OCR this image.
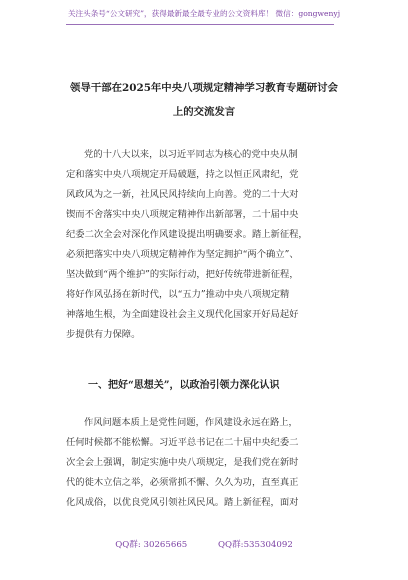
关注头条号“公文研究”，获得最新最全最专业的公文资料库！ 微信：gongwenyj
领导干部在2025年中央八项规定精神学习教育专题研讨会
上的交流发言
党的十八大以来，以习近平同志为核心的党中央从制
定和落实中央八项规定开局破题，持之以恒正风肃纪，党
风政风为之一新，社风民风持续向上向善。党的二十大对
锲而不舍落实中央八项规定精神作出新部署，二十届中央
纪委二次全会对深化作风建设提出明确要求。踏上新征程，
必须把落实中央八项规定精神作为坚定拥护“两个确立”、
坚决做到“两个维护”的实际行动，把好传统带进新征程，
将好作风弘扬在新时代，以“五力”推动中央八项规定精
神落地生根，为全面建设社会主义现代化国家开好局起好
步提供有力保障。
一、把好“思想关”，以政治引领力深化认识
作风问题本质上是党性问题，作风建设永远在路上，
任何时候都不能松懈。习近平总书记在二十届中央纪委二
次全会上强调，制定实施中央八项规定，是我们党在新时
代的徙木立信之举，必须常抓不懈、久久为功，直至真正
化风成俗，以优良党风引领社风民风。踏上新征程，面对
QQ群: 30265665	QQ群:535304092
